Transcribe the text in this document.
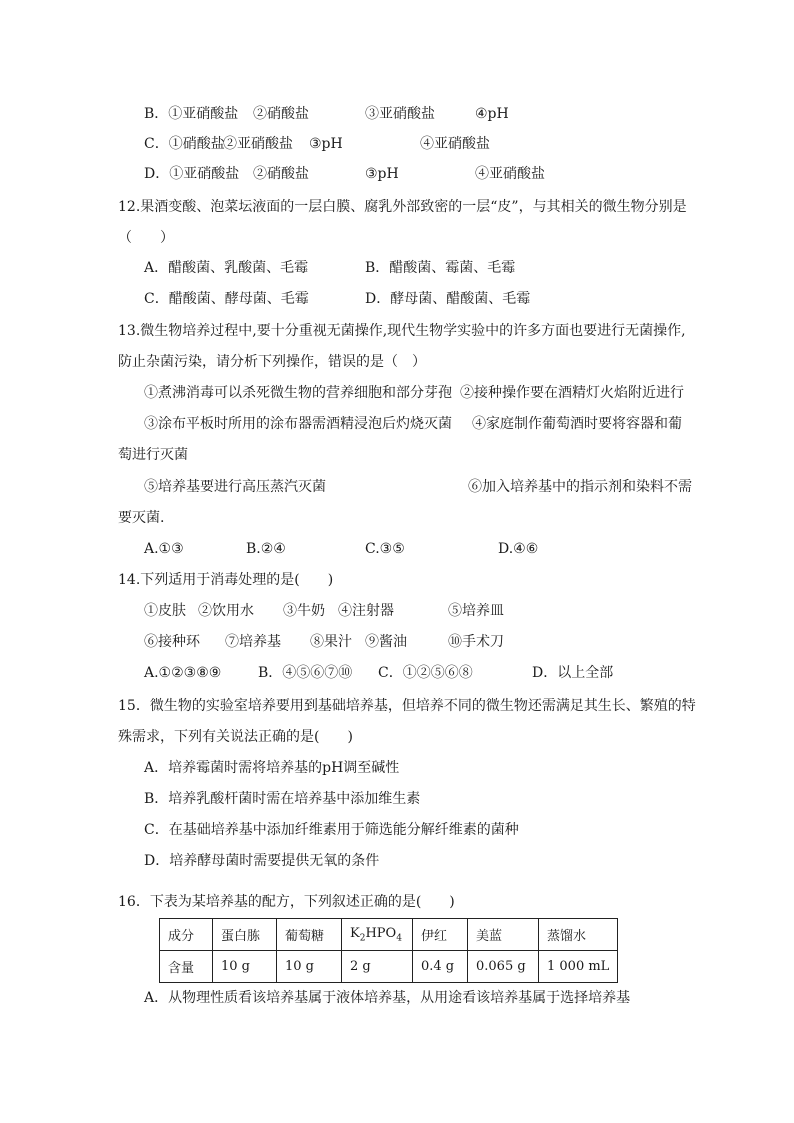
B．①亚硝酸盐 ②硝酸盐	③亚硝酸盐	④pH
C．①硝酸盐
②亚硝酸盐 ③pH	④亚硝酸盐
D．①亚硝酸盐 ②硝酸盐	③pH	④亚硝酸盐
12.果酒变酸、泡菜坛液面的一层白膜、腐乳外部致密的一层“皮”，与其相关的微生物分别是
（　　）
A．醋酸菌、乳酸菌、毛霉	B．醋酸菌、霉菌、毛霉
C．醋酸菌、酵母菌、毛霉	D．酵母菌、醋酸菌、毛霉
13.微生物培养过程中,要十分重视无菌操作,现代生物学实验中的许多方面也要进行无菌操作,
防止杂菌污染，请分析下列操作，错误的是（　）
①煮沸消毒可以杀死微生物的营养细胞和部分芽孢 ②接种操作要在酒精灯火焰附近进行
③涂布平板时所用的涂布器需酒精浸泡后灼烧灭菌 ④家庭制作葡萄酒时要将容器和葡
萄进行灭菌
⑤培养基要进行高压蒸汽灭菌	⑥加入培养基中的指示剂和染料不需
要灭菌.
A.①③	B.②④	C.③⑤	D.④⑥
14.下列适用于消毒处理的是(　　)
①皮肤 ②饮用水 ③牛奶 ④注射器	⑤培养皿
⑥接种环 ⑦培养基 ⑧果汁 ⑨酱油	⑩手术刀
A.①②③⑧⑨	B．④⑤⑥⑦⑩ C．①②⑤⑥⑧	D．以上全部
15．微生物的实验室培养要用到基础培养基，但培养不同的微生物还需满足其生长、繁殖的特
殊需求，下列有关说法正确的是(　　)
A．培养霉菌时需将培养基的pH调至碱性
B．培养乳酸杆菌时需在培养基中添加维生素
C．在基础培养基中添加纤维素用于筛选能分解纤维素的菌种
D．培养酵母菌时需要提供无氧的条件
16．下表为某培养基的配方，下列叙述正确的是(　　)
成分	蛋白胨	葡萄糖	$K_2HPO_4$	伊红	美蓝	蒸馏水
含量	10 g	10 g	2 g	0.4 g	0.065 g	1 000 mL
A．从物理性质看该培养基属于液体培养基，从用途看该培养基属于选择培养基
